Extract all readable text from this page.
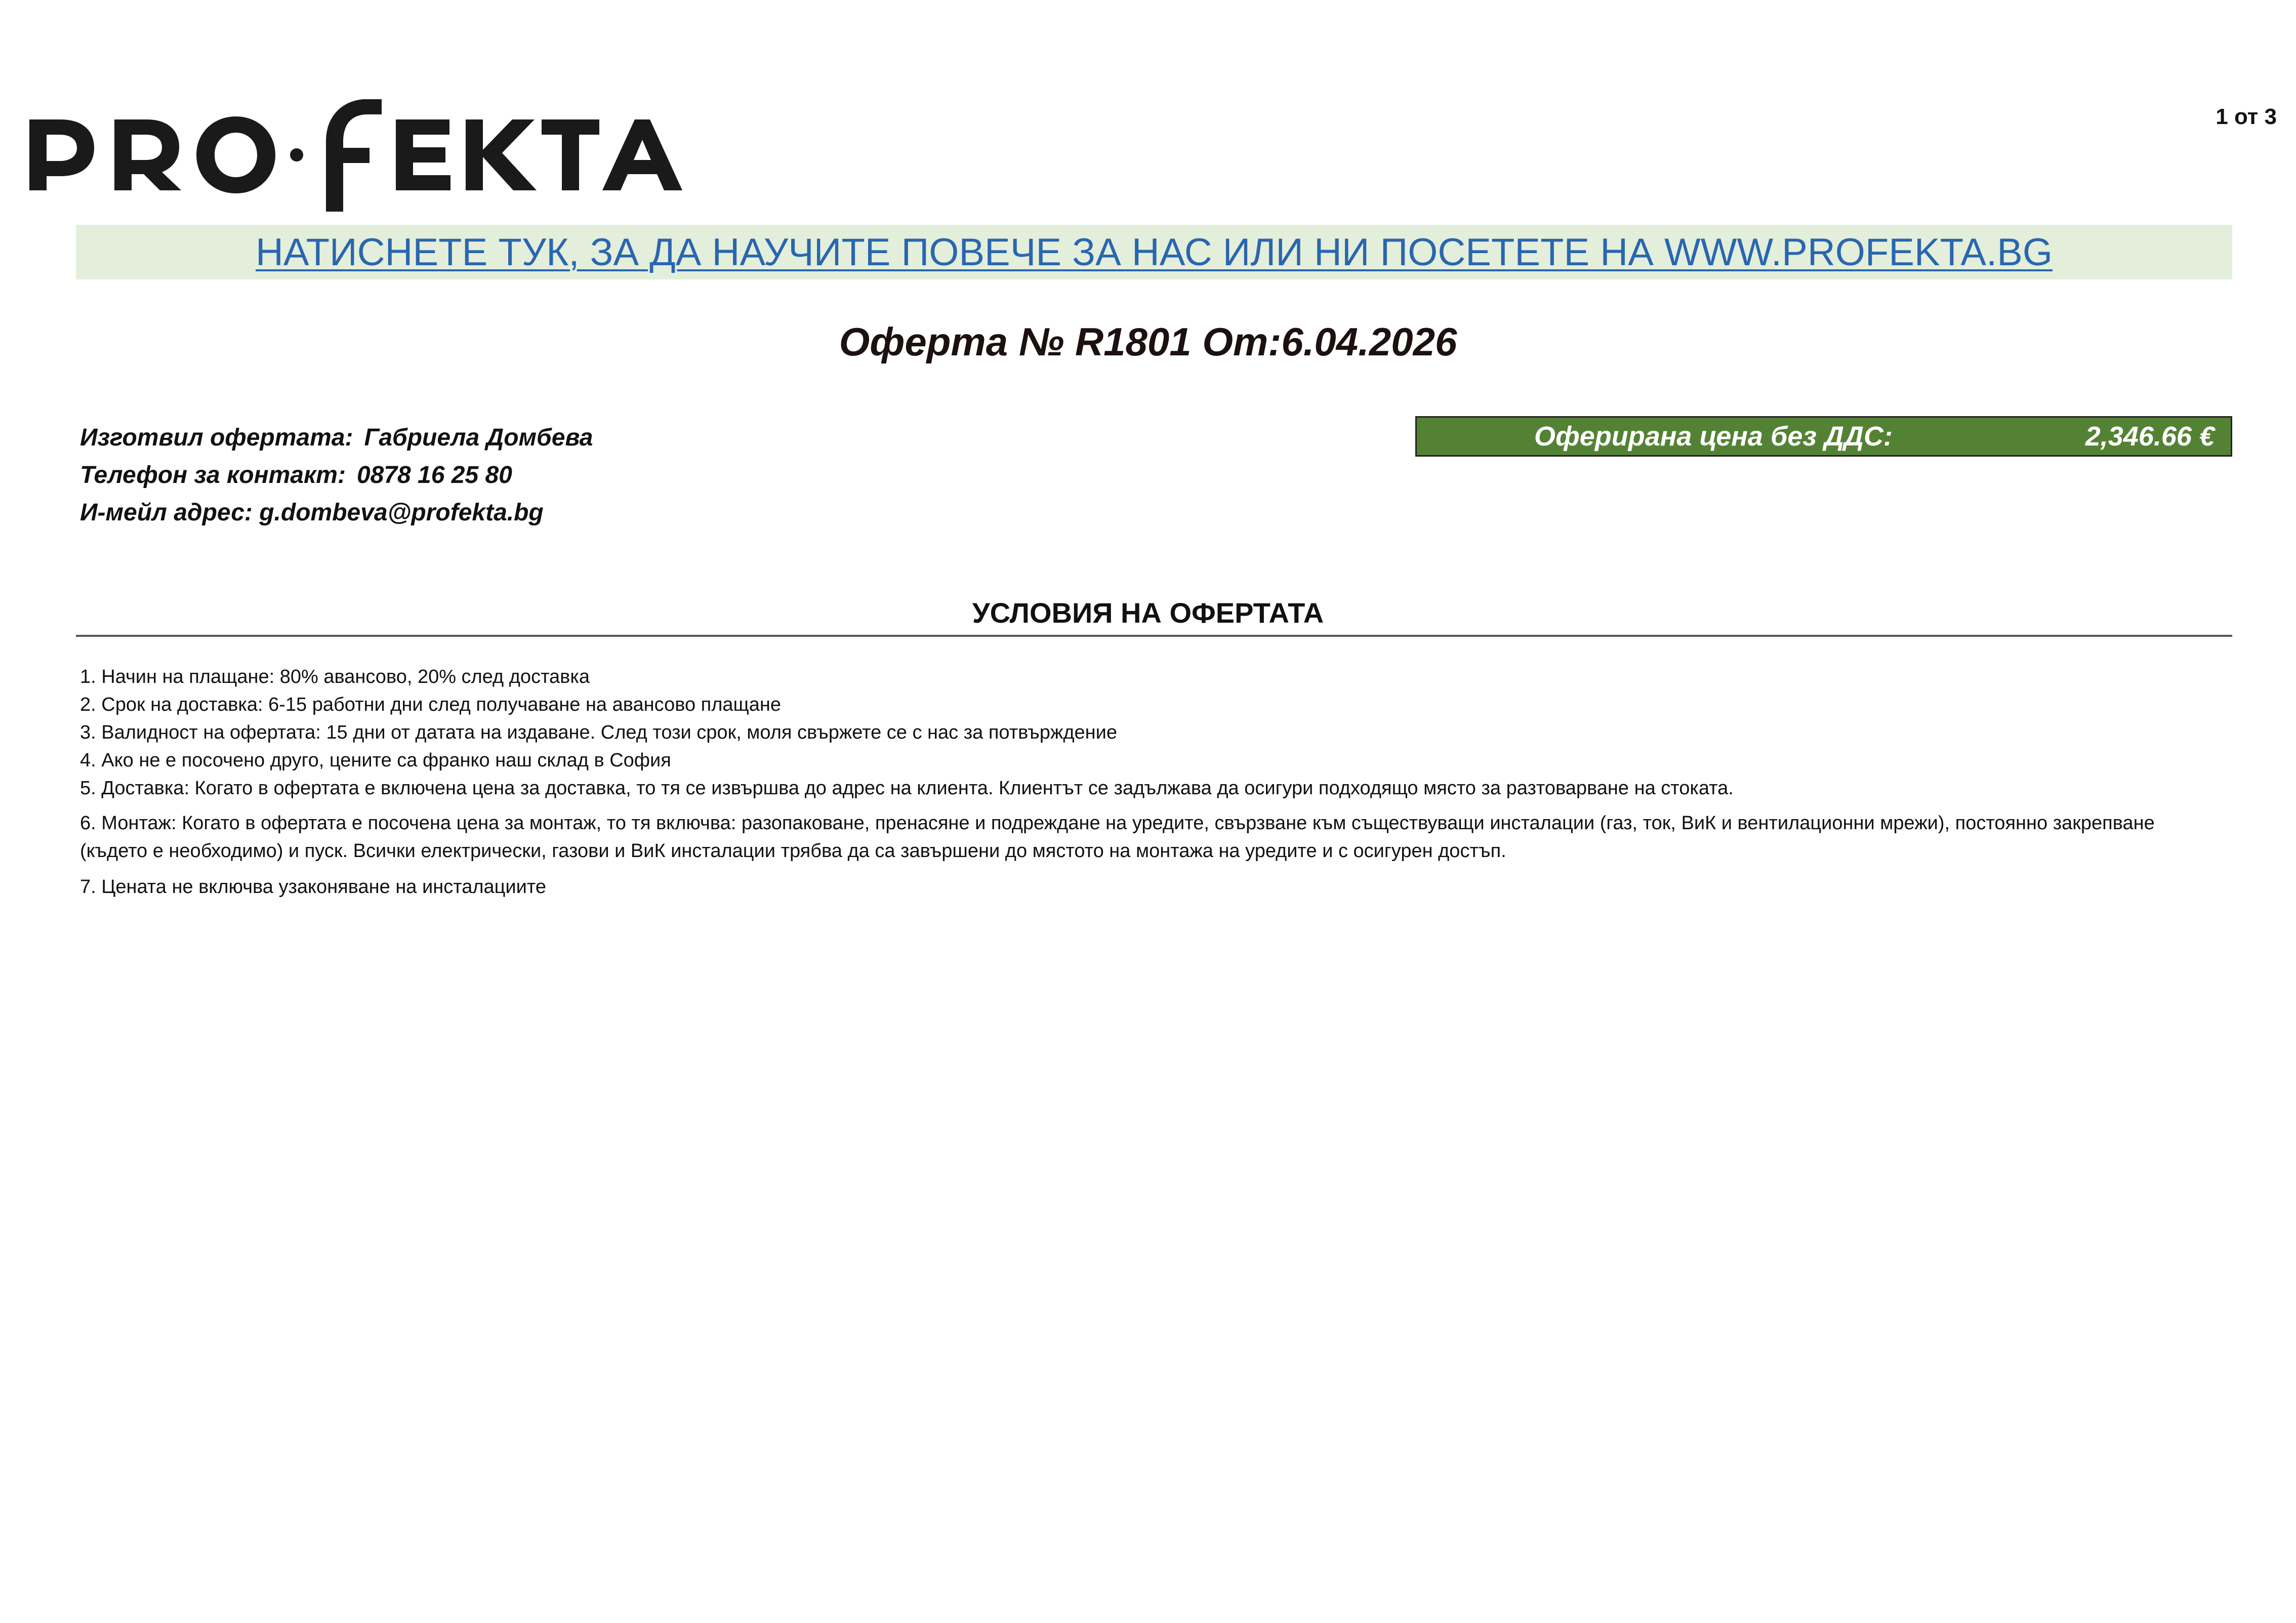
1 от 3
НАТИСНЕТЕ ТУК, ЗА ДА НАУЧИТЕ ПОВЕЧЕ ЗА НАС ИЛИ НИ ПОСЕТЕТЕ НА WWW.PROFEKTA.BG
Оферта № R1801 От:6.04.2026
Изготвил офертата: Габриела Домбева
Телефон за контакт: 0878 16 25 80
И-мейл адрес: g.dombeva@profekta.bg
Оферирана цена без ДДС:	2,346.66 €
УСЛОВИЯ НА ОФЕРТАТА
1. Начин на плащане: 80% авансово, 20% след доставка
2. Срок на доставка: 6-15 работни дни след получаване на авансово плащане
3. Валидност на офертата: 15 дни от датата на издаване. След този срок, моля свържете се с нас за потвърждение
4. Ако не е посочено друго, цените са франко наш склад в София
5. Доставка: Когато в офертата е включена цена за доставка, то тя се извършва до адрес на клиента. Клиентът се задължава да осигури подходящо място за разтоварване на стоката.
6. Монтаж: Когато в офертата е посочена цена за монтаж, то тя включва: разопаковане, пренасяне и подреждане на уредите, свързване към съществуващи инсталации (газ, ток, ВиК и вентилационни мрежи), постоянно закрепване (където е необходимо) и пуск. Всички електрически, газови и ВиК инсталации трябва да са завършени до мястото на монтажа на уредите и с осигурен достъп.
7. Цената не включва узаконяване на инсталациите
